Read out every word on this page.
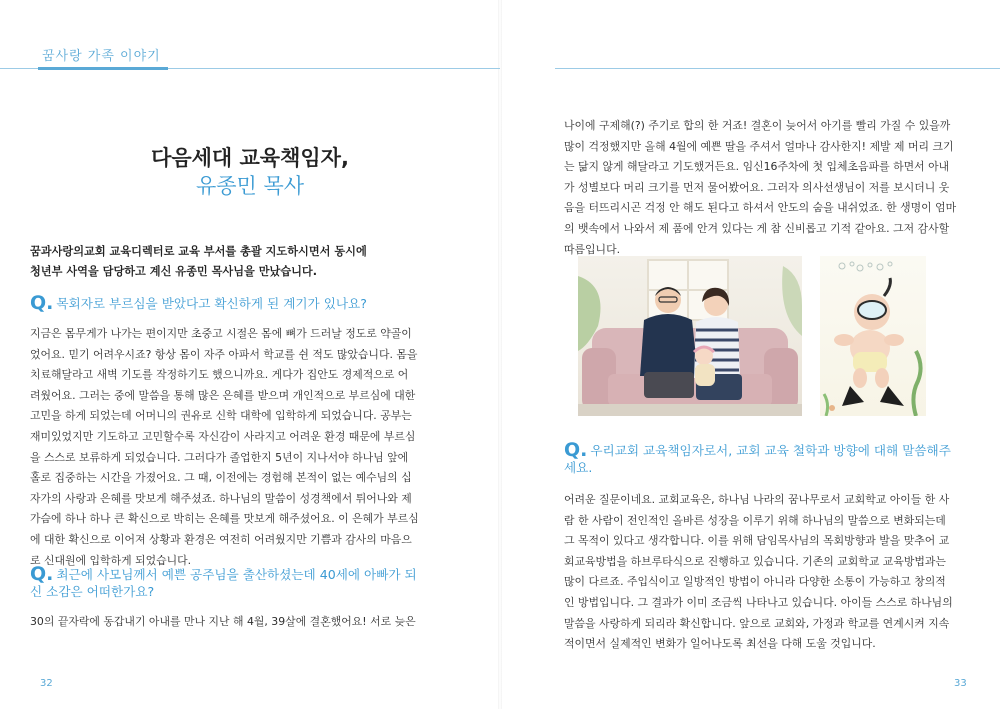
꿈사랑 가족 이야기
다음세대 교육책임자,
유종민 목사
꿈과사랑의교회 교육디렉터로 교육 부서를 총괄 지도하시면서 동시에
청년부 사역을 담당하고 계신 유종민 목사님을 만났습니다.
Q. 목회자로 부르심을 받았다고 확신하게 된 계기가 있나요?
지금은 몸무게가 나가는 편이지만 초중고 시절은 몸에 뼈가 드러날 정도로 약골이
었어요. 믿기 어려우시죠? 항상 몸이 자주 아파서 학교를 쉰 적도 많았습니다. 몸을
치료해달라고 새벽 기도를 작정하기도 했으니까요. 게다가 집안도 경제적으로 어
려웠어요. 그러는 중에 말씀을 통해 많은 은혜를 받으며 개인적으로 부르심에 대한
고민을 하게 되었는데 어머니의 권유로 신학 대학에 입학하게 되었습니다. 공부는
재미있었지만 기도하고 고민할수록 자신감이 사라지고 어려운 환경 때문에 부르심
을 스스로 보류하게 되었습니다. 그러다가 졸업한지 5년이 지나서야 하나님 앞에
홀로 집중하는 시간을 가졌어요. 그 때, 이전에는 경험해 본적이 없는 예수님의 십
자가의 사랑과 은혜를 맛보게 해주셨죠. 하나님의 말씀이 성경책에서 튀어나와 제
가슴에 하나 하나 큰 확신으로 박히는 은혜를 맛보게 해주셨어요. 이 은혜가 부르심
에 대한 확신으로 이어져 상황과 환경은 여전히 어려웠지만 기쁨과 감사의 마음으
로 신대원에 입학하게 되었습니다.
Q. 최근에 사모님께서 예쁜 공주님을 출산하셨는데 40세에 아빠가 되
신 소감은 어떠한가요?
30의 끝자락에 동갑내기 아내를 만나 지난 해 4월, 39살에 결혼했어요! 서로 늦은
32
나이에 구제해(?) 주기로 합의 한 거죠! 결혼이 늦어서 아기를 빨리 가질 수 있을까
많이 걱정했지만 올해 4월에 예쁜 딸을 주셔서 얼마나 감사한지! 제발 제 머리 크기
는 닮지 않게 해달라고 기도했거든요. 임신16주차에 첫 입체초음파를 하면서 아내
가 성별보다 머리 크기를 먼저 물어봤어요. 그러자 의사선생님이 저를 보시더니 웃
음을 터뜨리시곤 걱정 안 해도 된다고 하셔서 안도의 숨을 내쉬었죠. 한 생명이 엄마
의 뱃속에서 나와서 제 품에 안겨 있다는 게 참 신비롭고 기적 같아요. 그저 감사할
따름입니다.
Q. 우리교회 교육책임자로서, 교회 교육 철학과 방향에 대해 말씀해주
세요.
어려운 질문이네요. 교회교육은, 하나님 나라의 꿈나무로서 교회학교 아이들 한 사
람 한 사람이 전인적인 올바른 성장을 이루기 위해 하나님의 말씀으로 변화되는데
그 목적이 있다고 생각합니다. 이를 위해 담임목사님의 목회방향과 발을 맞추어 교
회교육방법을 하브루타식으로 진행하고 있습니다. 기존의 교회학교 교육방법과는
많이 다르죠. 주입식이고 일방적인 방법이 아니라 다양한 소통이 가능하고 창의적
인 방법입니다. 그 결과가 이미 조금씩 나타나고 있습니다. 아이들 스스로 하나님의
말씀을 사랑하게 되리라 확신합니다. 앞으로 교회와, 가정과 학교를 연계시켜 지속
적이면서 실제적인 변화가 일어나도록 최선을 다해 도울 것입니다.
33
